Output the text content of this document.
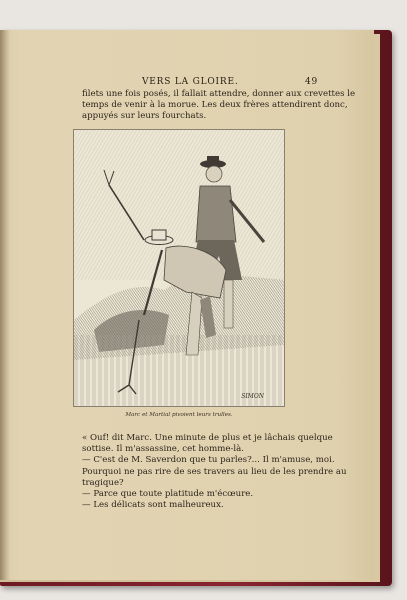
VERS LA GLOIRE.	49
filets une fois posés, il fallait attendre, donner aux crevettes le
temps de venir à la morue. Les deux frères attendirent donc,
appuyés sur leurs fourchats.
SIMON
Marc et Martial pivoient leurs trulles.
« Ouf! dit Marc. Une minute de plus et je lâchais quelque
sottise. Il m'assassine, cet homme-là.
— C'est de M. Saverdon que tu parles?... Il m'amuse, moi.
Pourquoi ne pas rire de ses travers au lieu de les prendre au
tragique?
— Parce que toute platitude m'écœure.
— Les délicats sont malheureux.
